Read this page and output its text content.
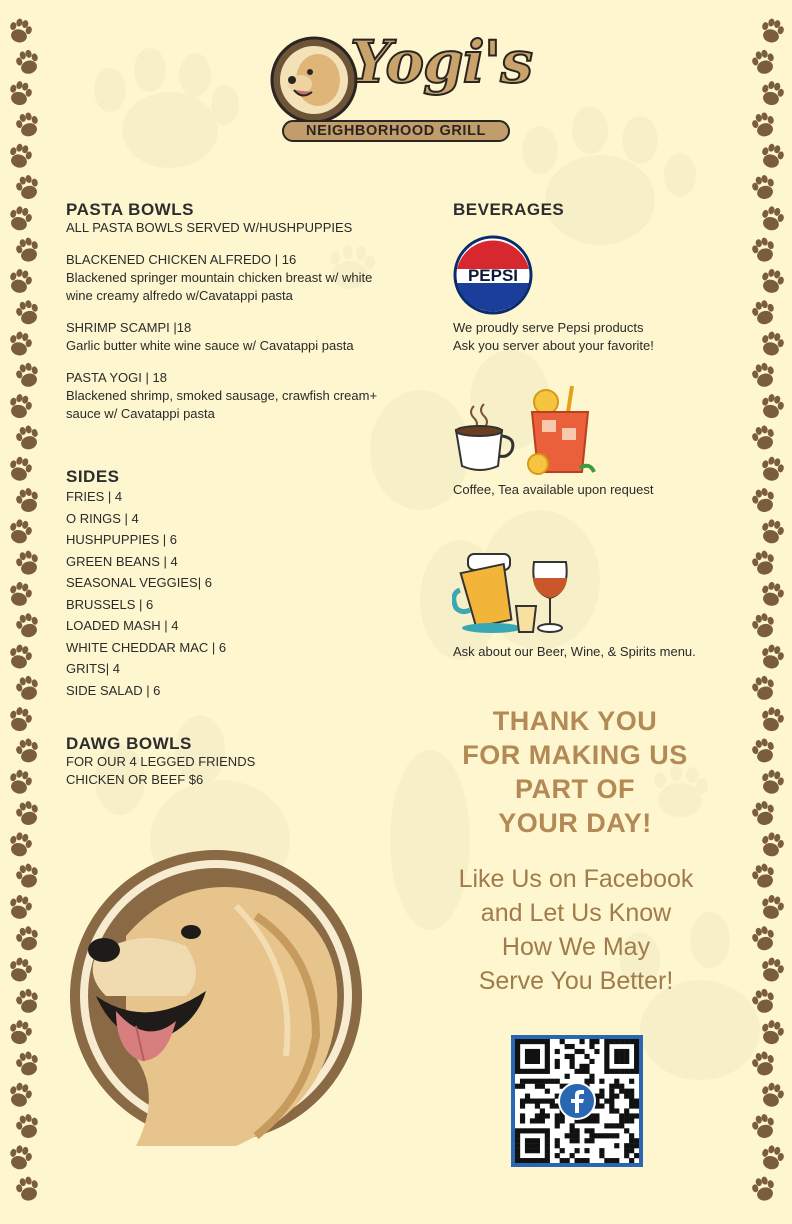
Yogi's
NEIGHBORHOOD GRILL
PASTA BOWLS
ALL PASTA BOWLS SERVED W/HUSHPUPPIES
BLACKENED CHICKEN ALFREDO | 16
Blackened springer mountain chicken breast w/ white
wine creamy alfredo w/Cavatappi pasta
SHRIMP SCAMPI |18
Garlic butter white wine sauce w/ Cavatappi pasta
PASTA YOGI | 18
Blackened shrimp, smoked sausage, crawfish cream+
sauce w/ Cavatappi pasta
SIDES
FRIES | 4
O RINGS | 4
HUSHPUPPIES | 6
GREEN BEANS | 4
SEASONAL VEGGIES| 6
BRUSSELS | 6
LOADED MASH | 4
WHITE CHEDDAR MAC | 6
GRITS| 4
SIDE SALAD | 6
DAWG BOWLS
FOR OUR 4 LEGGED FRIENDS
CHICKEN OR BEEF $6
BEVERAGES
PEPSI
We proudly serve Pepsi products
Ask you server about your favorite!
Coffee, Tea available upon request
Ask about our Beer, Wine, & Spirits menu.
THANK YOU
FOR MAKING US
PART OF
YOUR DAY!
Like Us on Facebook
and Let Us Know
How We May
Serve You Better!
